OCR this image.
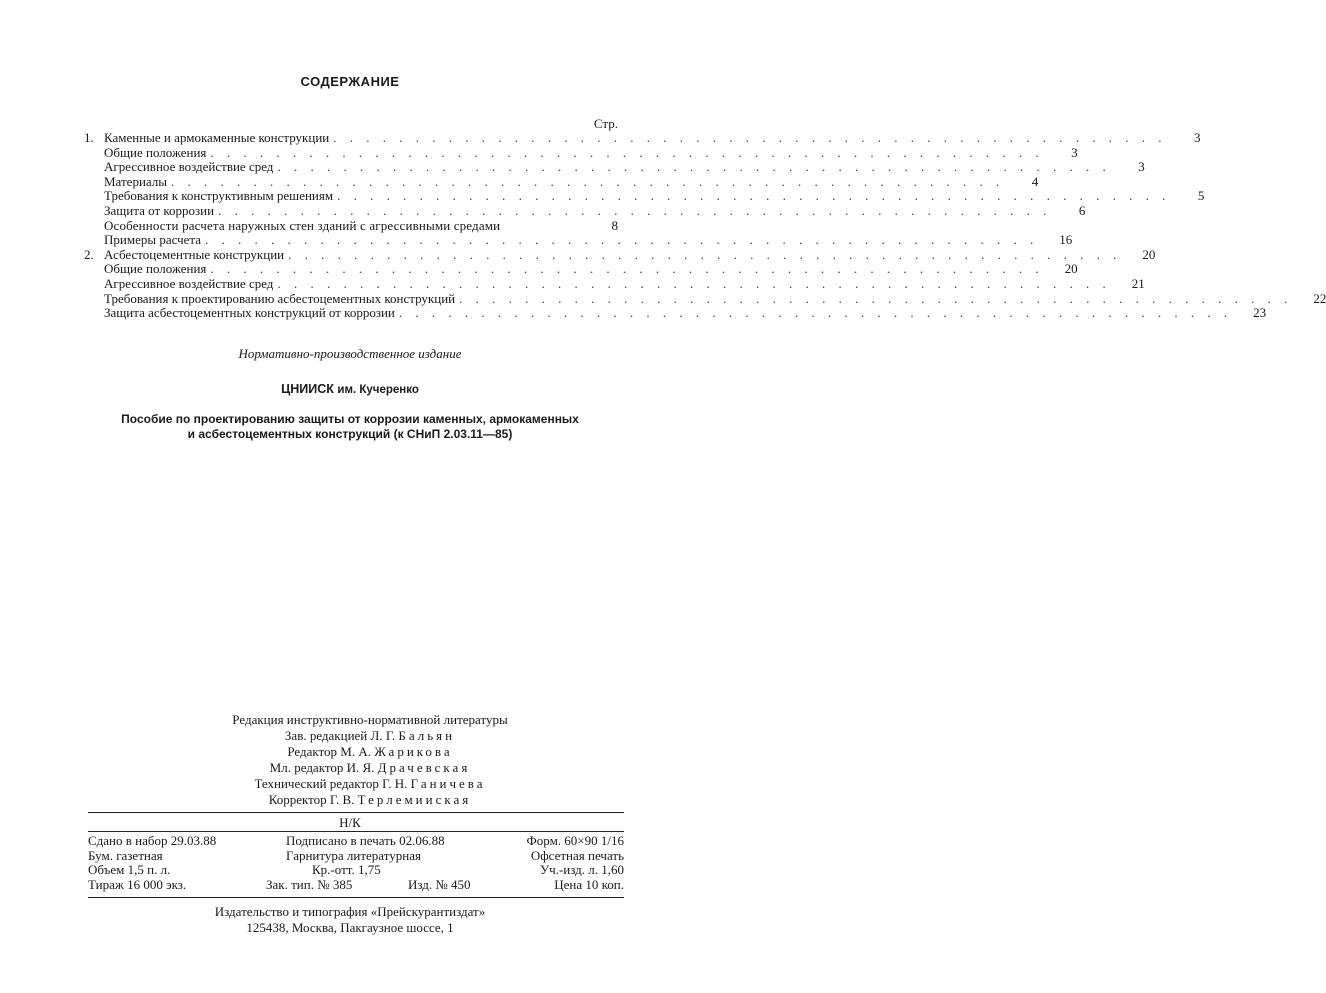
СОДЕРЖАНИЕ
Стр.
1. Каменные и армокаменные конструкции . . . . . . . . . . . . . . . . . . . . . . . . . . . . . . . . . . . . . . . . . . . . . . . . . . .	3
Общие положения . . . . . . . . . . . . . . . . . . . . . . . . . . . . . . . . . . . . . . . . . . . . . . . . . . .	3
Агрессивное воздействие сред . . . . . . . . . . . . . . . . . . . . . . . . . . . . . . . . . . . . . . . . . . . . . . . . . . .	3
Материалы . . . . . . . . . . . . . . . . . . . . . . . . . . . . . . . . . . . . . . . . . . . . . . . . . . .	4
Требования к конструктивным решениям . . . . . . . . . . . . . . . . . . . . . . . . . . . . . . . . . . . . . . . . . . . . . . . . . . .	5
Защита от коррозии . . . . . . . . . . . . . . . . . . . . . . . . . . . . . . . . . . . . . . . . . . . . . . . . . . .	6
Особенности расчета наружных стен зданий с агрессивными средами	8
Примеры расчета . . . . . . . . . . . . . . . . . . . . . . . . . . . . . . . . . . . . . . . . . . . . . . . . . . .	16
2. Асбестоцементные конструкции . . . . . . . . . . . . . . . . . . . . . . . . . . . . . . . . . . . . . . . . . . . . . . . . . . .	20
Общие положения . . . . . . . . . . . . . . . . . . . . . . . . . . . . . . . . . . . . . . . . . . . . . . . . . . .	20
Агрессивное воздействие сред . . . . . . . . . . . . . . . . . . . . . . . . . . . . . . . . . . . . . . . . . . . . . . . . . . .	21
Требования к проектированию асбестоцементных конструкций . . . . . . . . . . . . . . . . . . . . . . . . . . . . . . . . . . . . . . . . . . . . . . . . . . .	22
Защита асбестоцементных конструкций от коррозии . . . . . . . . . . . . . . . . . . . . . . . . . . . . . . . . . . . . . . . . . . . . . . . . . . .	23
Нормативно-производственное издание
ЦНИИСК им. Кучеренко
Пособие по проектированию защиты от коррозии каменных, армокаменных
и асбестоцементных конструкций (к СНиП 2.03.11—85)
Редакция инструктивно-нормативной литературы
Зав. редакцией Л. Г. Бальян
Редактор М. А. Жарикова
Мл. редактор И. Я. Драчевская
Технический редактор Г. Н. Ганичева
Корректор Г. В. Терлемииская
Н/К
Сдано в набор 29.03.88	Подписано в печать 02.06.88	Форм. 60×90 1/16
Бум. газетная	Гарнитура литературная	Офсетная печать
Объем 1,5 п. л.	Кр.-отт. 1,75	Уч.-изд. л. 1,60
Тираж 16 000 экз.	Зак. тип. № 385	Изд. № 450	Цена 10 коп.
Издательство и типография «Прейскурантиздат»
125438, Москва, Пакгаузное шоссе, 1
